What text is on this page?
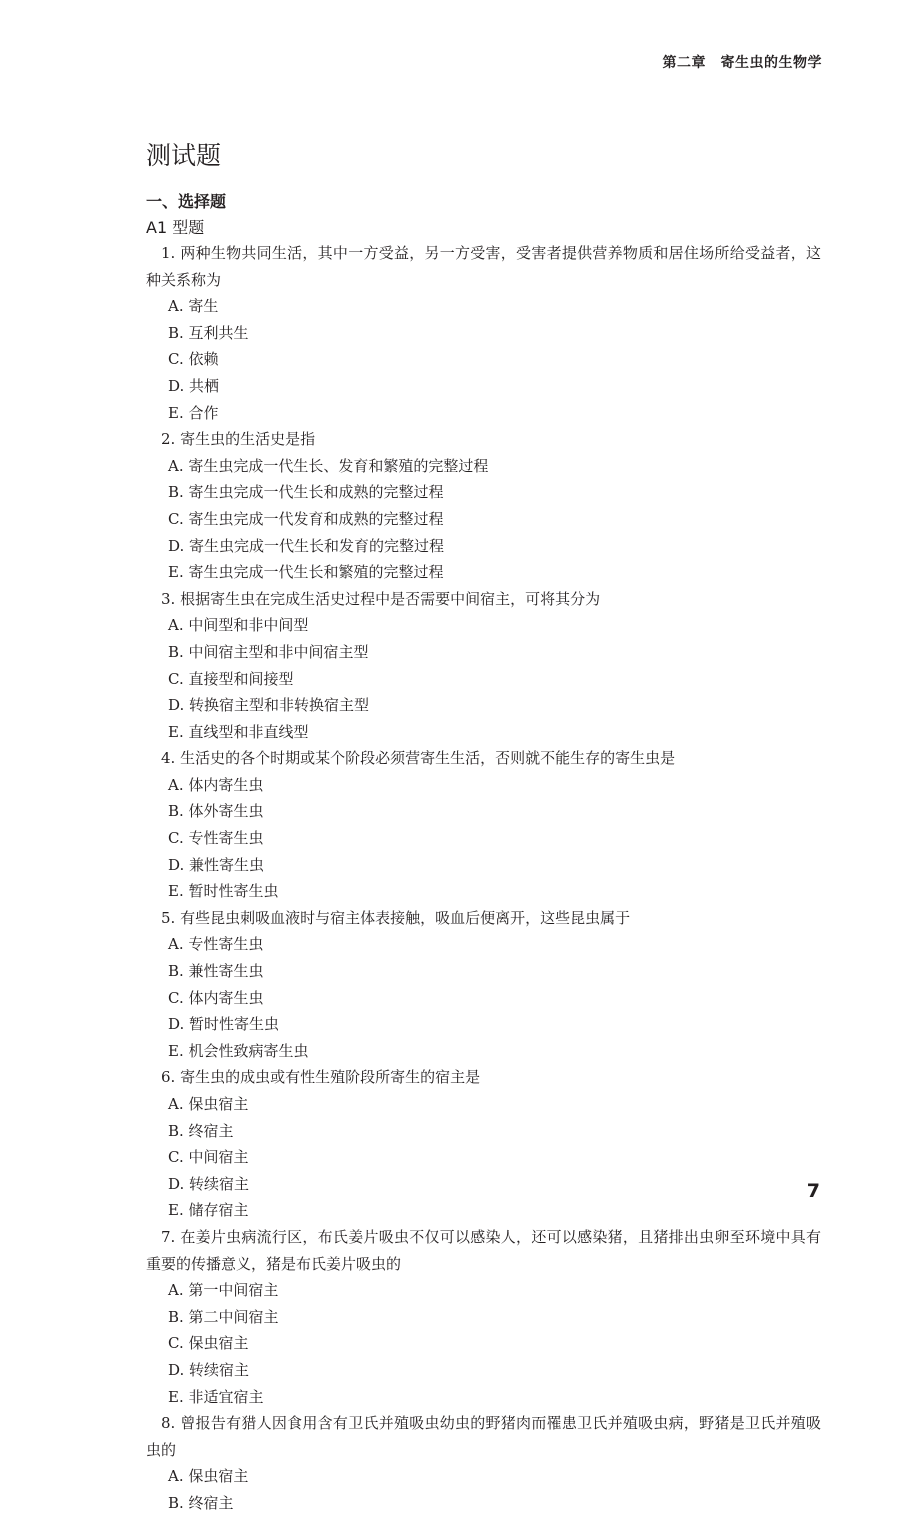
第二章　寄生虫的生物学
测试题
一、选择题
A1 型题
1. 两种生物共同生活，其中一方受益，另一方受害，受害者提供营养物质和居住场所给受益者，这种关系称为
A. 寄生
B. 互利共生
C. 依赖
D. 共栖
E. 合作
2. 寄生虫的生活史是指
A. 寄生虫完成一代生长、发育和繁殖的完整过程
B. 寄生虫完成一代生长和成熟的完整过程
C. 寄生虫完成一代发育和成熟的完整过程
D. 寄生虫完成一代生长和发育的完整过程
E. 寄生虫完成一代生长和繁殖的完整过程
3. 根据寄生虫在完成生活史过程中是否需要中间宿主，可将其分为
A. 中间型和非中间型
B. 中间宿主型和非中间宿主型
C. 直接型和间接型
D. 转换宿主型和非转换宿主型
E. 直线型和非直线型
4. 生活史的各个时期或某个阶段必须营寄生生活，否则就不能生存的寄生虫是
A. 体内寄生虫
B. 体外寄生虫
C. 专性寄生虫
D. 兼性寄生虫
E. 暂时性寄生虫
5. 有些昆虫刺吸血液时与宿主体表接触，吸血后便离开，这些昆虫属于
A. 专性寄生虫
B. 兼性寄生虫
C. 体内寄生虫
D. 暂时性寄生虫
E. 机会性致病寄生虫
6. 寄生虫的成虫或有性生殖阶段所寄生的宿主是
A. 保虫宿主
B. 终宿主
C. 中间宿主
D. 转续宿主
E. 储存宿主
7. 在姜片虫病流行区，布氏姜片吸虫不仅可以感染人，还可以感染猪，且猪排出虫卵至环境中具有重要的传播意义，猪是布氏姜片吸虫的
A. 第一中间宿主
B. 第二中间宿主
C. 保虫宿主
D. 转续宿主
E. 非适宜宿主
8. 曾报告有猎人因食用含有卫氏并殖吸虫幼虫的野猪肉而罹患卫氏并殖吸虫病，野猪是卫氏并殖吸虫的
A. 保虫宿主
B. 终宿主
7
